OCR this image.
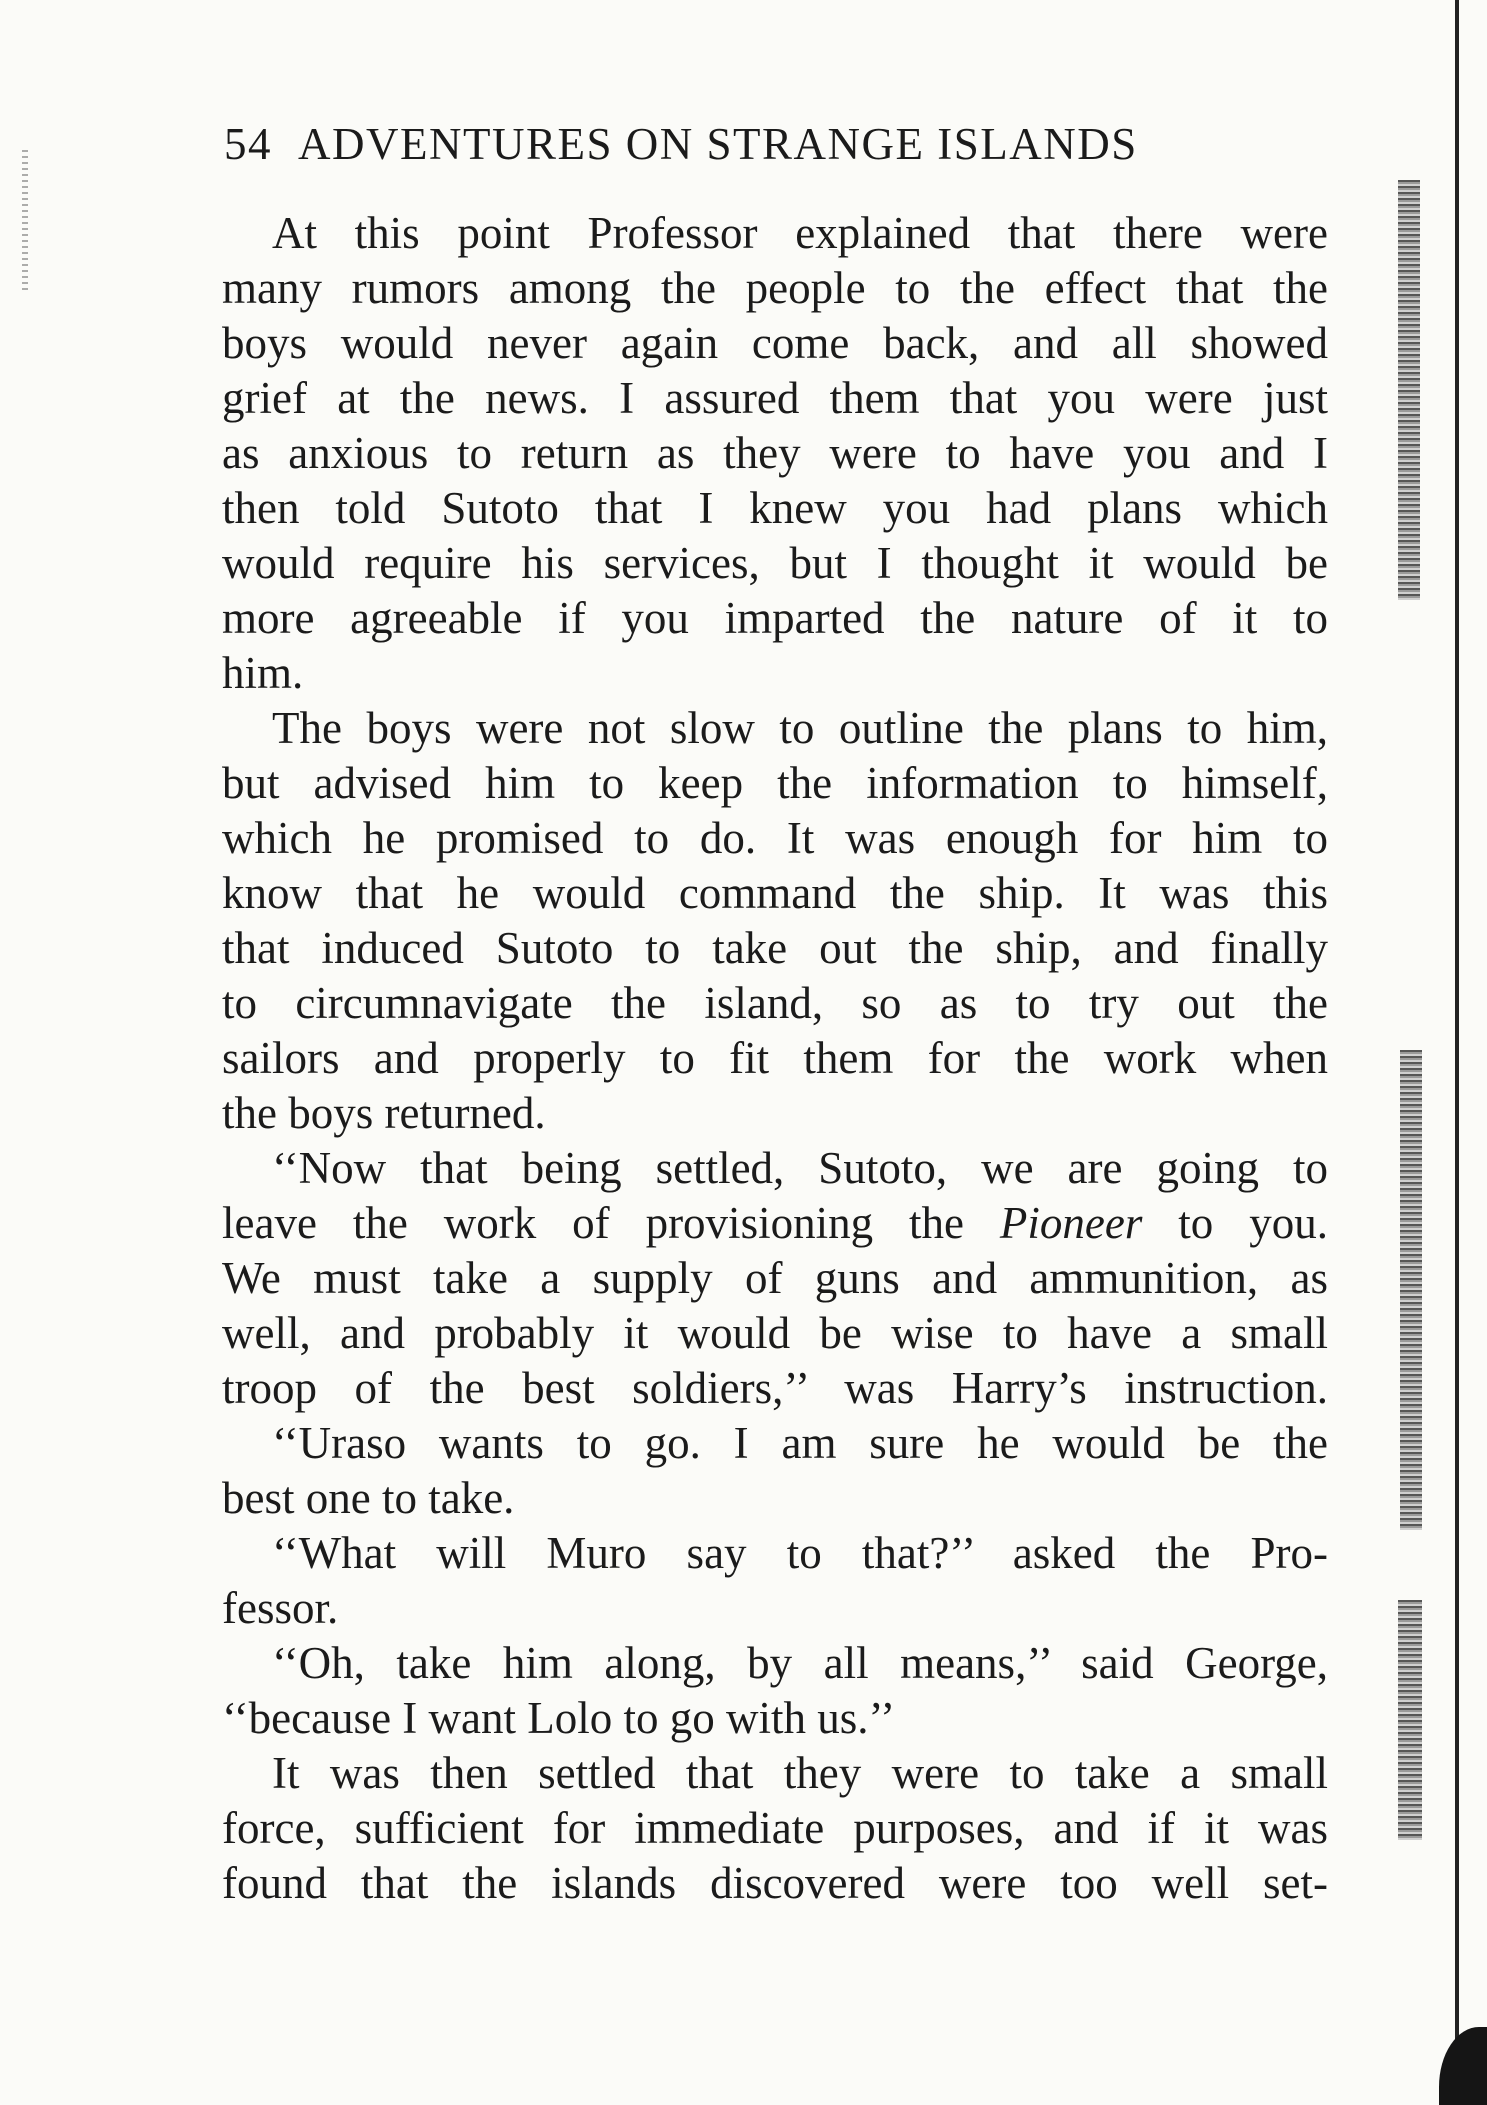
54 ADVENTURES ON STRANGE ISLANDS
At this point Professor explained that there were
many rumors among the people to the effect that the
boys would never again come back, and all showed
grief at the news. I assured them that you were just
as anxious to return as they were to have you and I
then told Sutoto that I knew you had plans which
would require his services, but I thought it would be
more agreeable if you imparted the nature of it to
him.
The boys were not slow to outline the plans to him,
but advised him to keep the information to himself,
which he promised to do. It was enough for him to
know that he would command the ship. It was this
that induced Sutoto to take out the ship, and finally
to circumnavigate the island, so as to try out the
sailors and properly to fit them for the work when
the boys returned.
‘‘Now that being settled, Sutoto, we are going to
leave the work of provisioning the Pioneer to you.
We must take a supply of guns and ammunition, as
well, and probably it would be wise to have a small
troop of the best soldiers,’’ was Harry’s instruction.
‘‘Uraso wants to go. I am sure he would be the
best one to take.
‘‘What will Muro say to that?’’ asked the Pro-
fessor.
‘‘Oh, take him along, by all means,’’ said George,
‘‘because I want Lolo to go with us.’’
It was then settled that they were to take a small
force, sufficient for immediate purposes, and if it was
found that the islands discovered were too well set-
